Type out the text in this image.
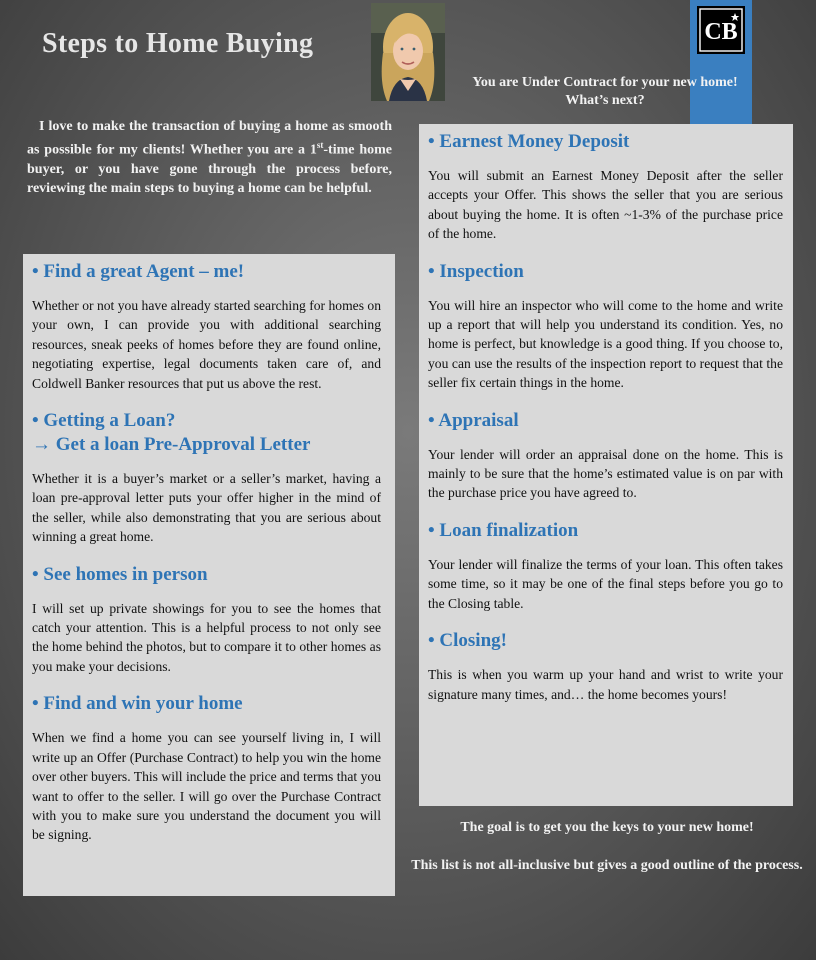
Steps to Home Buying	CB
You are Under Contract for your new home!
What’s next?

I love to make the transaction of buying a home as smooth as possible for my clients! Whether you are a 1st-time home buyer, or you have gone through the process before, reviewing the main steps to buying a home can be helpful.

• Find a great Agent – me!

Whether or not you have already started searching for homes on your own, I can provide you with additional searching resources, sneak peeks of homes before they are found online, negotiating expertise, legal documents taken care of, and Coldwell Banker resources that put us above the rest.

• Getting a Loan?
→ Get a loan Pre-Approval Letter

Whether it is a buyer’s market or a seller’s market, having a loan pre-approval letter puts your offer higher in the mind of the seller, while also demonstrating that you are serious about winning a great home.

• See homes in person

I will set up private showings for you to see the homes that catch your attention. This is a helpful process to not only see the home behind the photos, but to compare it to other homes as you make your decisions.

• Find and win your home

When we find a home you can see yourself living in, I will write up an Offer (Purchase Contract) to help you win the home over other buyers. This will include the price and terms that you want to offer to the seller. I will go over the Purchase Contract with you to make sure you understand the document you will be signing.

• Earnest Money Deposit

You will submit an Earnest Money Deposit after the seller accepts your Offer. This shows the seller that you are serious about buying the home. It is often ~1-3% of the purchase price of the home.

• Inspection

You will hire an inspector who will come to the home and write up a report that will help you understand its condition. Yes, no home is perfect, but knowledge is a good thing. If you choose to, you can use the results of the inspection report to request that the seller fix certain things in the home.

• Appraisal

Your lender will order an appraisal done on the home. This is mainly to be sure that the home’s estimated value is on par with the purchase price you have agreed to.

• Loan finalization

Your lender will finalize the terms of your loan. This often takes some time, so it may be one of the final steps before you go to the Closing table.

• Closing!

This is when you warm up your hand and wrist to write your signature many times, and… the home becomes yours!

The goal is to get you the keys to your new home!

This list is not all-inclusive but gives a good outline of the process.
